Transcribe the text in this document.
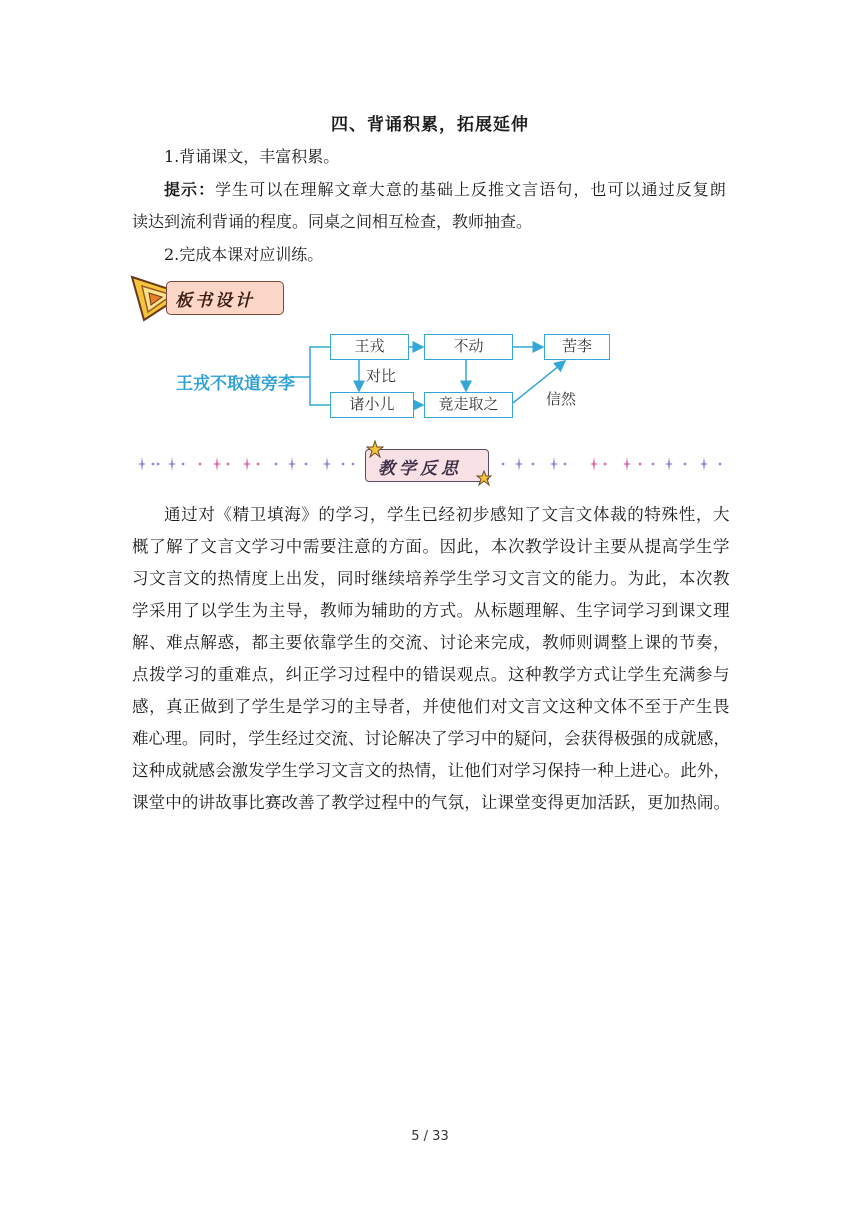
四、背诵积累，拓展延伸
1.背诵课文，丰富积累。
提示：学生可以在理解文章大意的基础上反推文言语句，也可以通过反复朗
读达到流利背诵的程度。同桌之间相互检查，教师抽查。
2.完成本课对应训练。
板书设计
王戎不取道旁李
王戎	不动	苦李
诸小儿	竟走取之
对比
信然
教学反思
通过对《精卫填海》的学习，学生已经初步感知了文言文体裁的特殊性，大
概了解了文言文学习中需要注意的方面。因此，本次教学设计主要从提高学生学
习文言文的热情度上出发，同时继续培养学生学习文言文的能力。为此，本次教
学采用了以学生为主导，教师为辅助的方式。从标题理解、生字词学习到课文理
解、难点解惑，都主要依靠学生的交流、讨论来完成，教师则调整上课的节奏，
点拨学习的重难点，纠正学习过程中的错误观点。这种教学方式让学生充满参与
感，真正做到了学生是学习的主导者，并使他们对文言文这种文体不至于产生畏
难心理。同时，学生经过交流、讨论解决了学习中的疑问，会获得极强的成就感，
这种成就感会激发学生学习文言文的热情，让他们对学习保持一种上进心。此外，
课堂中的讲故事比赛改善了教学过程中的气氛，让课堂变得更加活跃，更加热闹。
5 / 33
